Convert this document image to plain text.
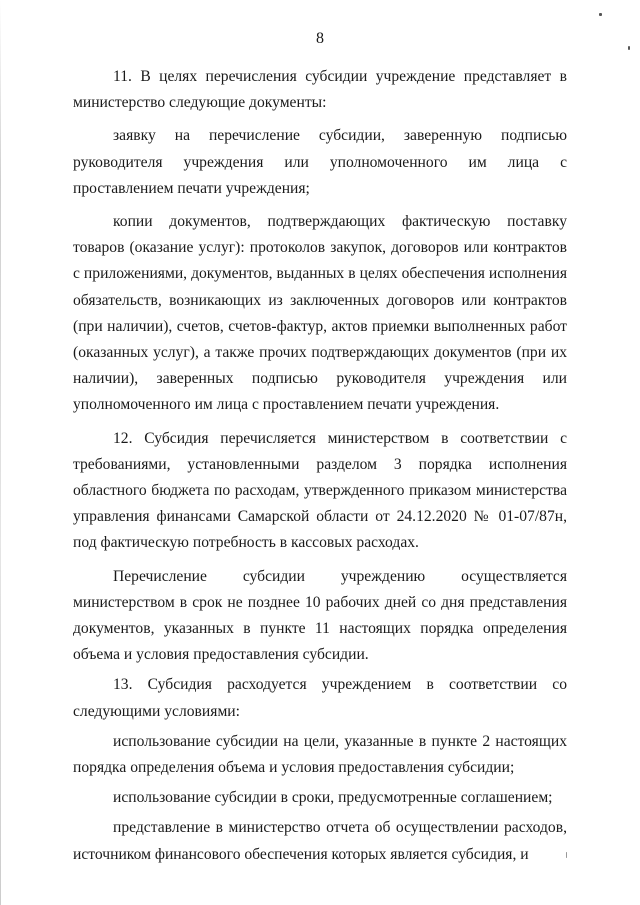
8

11. В целях перечисления субсидии учреждение представляет в министерство следующие документы:

заявку на перечисление субсидии, заверенную подписью руководителя учреждения или уполномоченного им лица с проставлением печати учреждения;

копии документов, подтверждающих фактическую поставку товаров (оказание услуг): протоколов закупок, договоров или контрактов с приложениями, документов, выданных в целях обеспечения исполнения обязательств, возникающих из заключенных договоров или контрактов (при наличии), счетов, счетов-фактур, актов приемки выполненных работ (оказанных услуг), а также прочих подтверждающих документов (при их наличии), заверенных подписью руководителя учреждения или уполномоченного им лица с проставлением печати учреждения.

12. Субсидия перечисляется министерством в соответствии с требованиями, установленными разделом 3 порядка исполнения областного бюджета по расходам, утвержденного приказом министерства управления финансами Самарской области от 24.12.2020 № 01-07/87н, под фактическую потребность в кассовых расходах.

Перечисление субсидии учреждению осуществляется министерством в срок не позднее 10 рабочих дней со дня представления документов, указанных в пункте 11 настоящих порядка определения объема и условия предоставления субсидии.

13. Субсидия расходуется учреждением в соответствии со следующими условиями:

использование субсидии на цели, указанные в пункте 2 настоящих порядка определения объема и условия предоставления субсидии;

использование субсидии в сроки, предусмотренные соглашением;

представление в министерство отчета об осуществлении расходов, источником финансового обеспечения которых является субсидия, и
